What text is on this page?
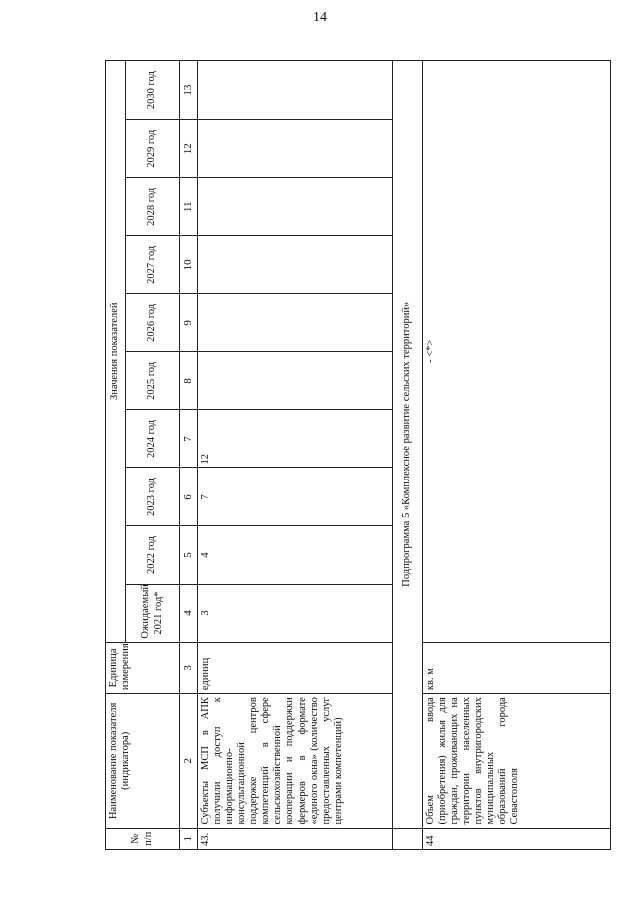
14
№ п/п	Наименование показателя (индикатора)	Единица измерения	Значения показателей									
			Ожидаемый 2021 год*	2022 год	2023 год	2024 год	2025 год	2026 год	2027 год	2028 год	2029 год	2030 год
1	2	3	4	5	6	7	8	9	10	11	12	13
43.	Субъекты МСП в АПК получили доступ к информационно-консультационной поддержке центров компетенций в сфере сельскохозяйственной кооперации и поддержки фермеров в формате «единого окна» (количество предоставленных услуг центрами компетенций)	единиц	3	4	7	12						
	Подпрограмма 5 «Комплексное развитие сельских территорий»											
44	Объем ввода (приобретения) жилья для граждан, проживающих на территории населенных пунктов внутригородских муниципальных образований города Севастополя	кв. м	- <*>									
